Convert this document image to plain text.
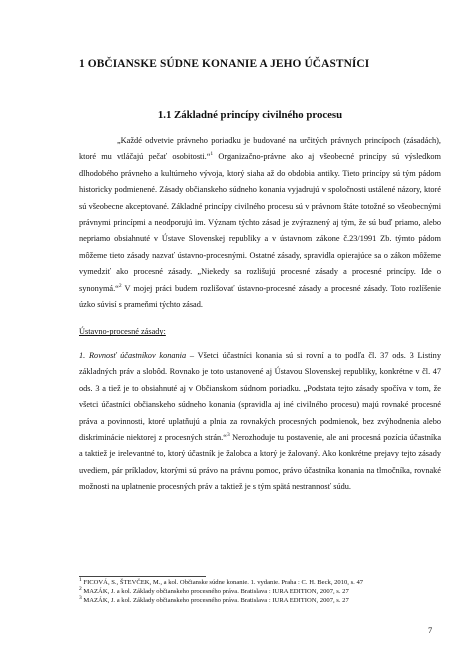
1 OBČIANSKE SÚDNE KONANIE A JEHO ÚČASTNÍCI
1.1 Základné princípy civilného procesu

„Každé odvetvie právneho poriadku je budované na určitých právnych princípoch (zásadách), ktoré mu vtláčajú pečať osobitosti.“$^1$ Organizačno-právne ako aj všeobecné princípy sú výsledkom dlhodobého právneho a kultúrneho vývoja, ktorý siaha až do obdobia antiky. Tieto princípy sú tým pádom historicky podmienené. Zásady občianskeho súdneho konania vyjadrujú v spoločnosti ustálené názory, ktoré sú všeobecne akceptované. Základné princípy civilného procesu sú v právnom štáte totožné so všeobecnými právnymi princípmi a neodporujú im. Význam týchto zásad je zvýraznený aj tým, že sú buď priamo, alebo nepriamo obsiahnuté v Ústave Slovenskej republiky a v ústavnom zákone č.23/1991 Zb. týmto pádom môžeme tieto zásady nazvať ústavno-procesnými. Ostatné zásady, spravidla opierajúce sa o zákon môžeme vymedziť ako procesné zásady. „Niekedy sa rozlišujú procesné zásady a procesné princípy. Ide o synonymá.“$^2$ V mojej práci budem rozlišovať ústavno-procesné zásady a procesné zásady. Toto rozlíšenie úzko súvisí s prameňmi týchto zásad.

Ústavno-procesné zásady:

1. Rovnosť účastníkov konania – Všetci účastníci konania sú si rovní a to podľa čl. 37 ods. 3 Listiny základných práv a slobôd. Rovnako je toto ustanovené aj Ústavou Slovenskej republiky, konkrétne v čl. 47 ods. 3 a tiež je to obsiahnuté aj v Občianskom súdnom poriadku. „Podstata tejto zásady spočíva v tom, že všetci účastníci občianskeho súdneho konania (spravidla aj iné civilného procesu) majú rovnaké procesné práva a povinnosti, ktoré uplatňujú a plnia za rovnakých procesných podmienok, bez zvýhodnenia alebo diskriminácie niektorej z procesných strán.“$^3$ Nerozhoduje tu postavenie, ale ani procesná pozícia účastníka a taktiež je irelevantné to, ktorý účastník je žalobca a ktorý je žalovaný. Ako konkrétne prejavy tejto zásady uvediem, pár príkladov, ktorými sú právo na právnu pomoc, právo účastníka konania na tlmočníka, rovnaké možnosti na uplatnenie procesných práv a taktiež je s tým spätá nestrannosť súdu.

$^1$ FICOVÁ, S., ŠTEVČEK, M., a kol. Občianske súdne konanie. 1. vydanie. Praha : C. H. Beck, 2010, s. 47

$^2$ MAZÁK, J. a kol. Základy občianskeho procesného práva. Bratislava : IURA EDITION, 2007, s. 27

$^3$ MAZÁK, J. a kol. Základy občianskeho procesného práva. Bratislava : IURA EDITION, 2007, s. 27

7
